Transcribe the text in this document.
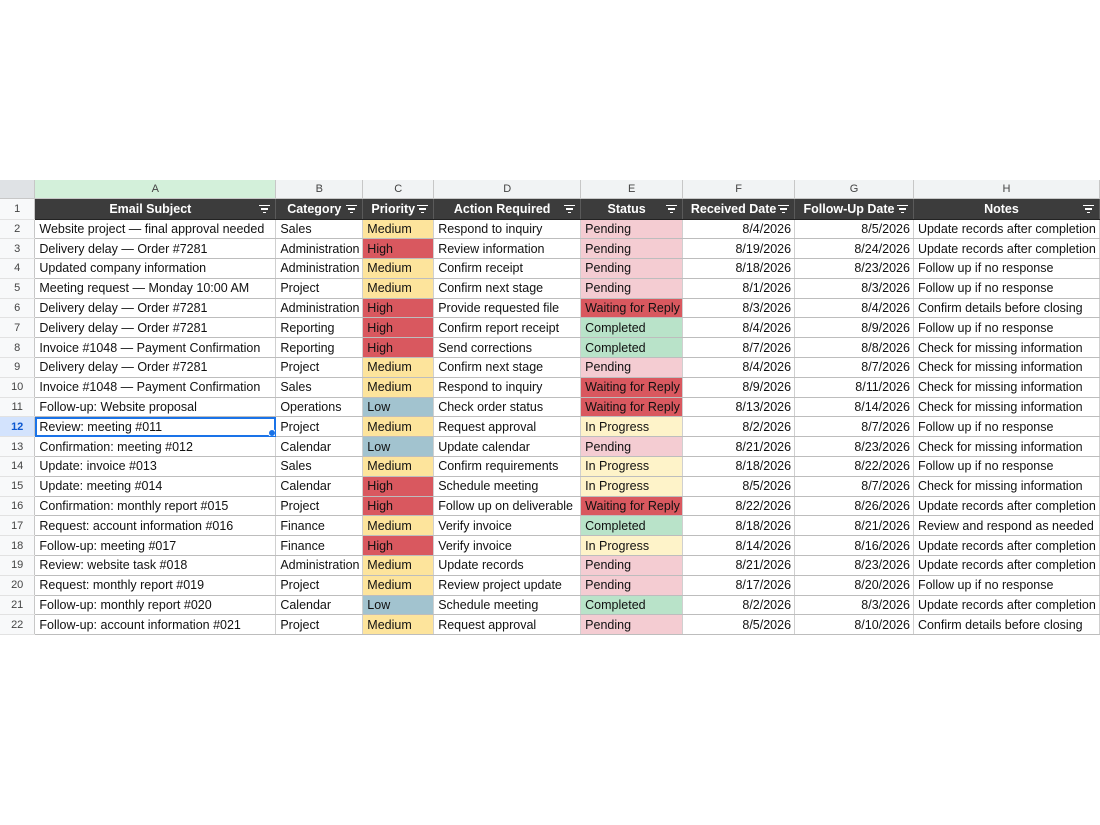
	A	B	C	D	E	F	G	H
1	Email Subject	Category	Priority	Action Required	Status	Received Date	Follow-Up Date	Notes

2	Website project — final approval needed	Sales	Medium	Respond to inquiry	Pending	8/4/2026	8/5/2026	Update records after completion
3	Delivery delay — Order #7281	Administration	High	Review information	Pending	8/19/2026	8/24/2026	Update records after completion
4	Updated company information	Administration	Medium	Confirm receipt	Pending	8/18/2026	8/23/2026	Follow up if no response
5	Meeting request — Monday 10:00 AM	Project	Medium	Confirm next stage	Pending	8/1/2026	8/3/2026	Follow up if no response
6	Delivery delay — Order #7281	Administration	High	Provide requested file	Waiting for Reply	8/3/2026	8/4/2026	Confirm details before closing
7	Delivery delay — Order #7281	Reporting	High	Confirm report receipt	Completed	8/4/2026	8/9/2026	Follow up if no response
8	Invoice #1048 — Payment Confirmation	Reporting	High	Send corrections	Completed	8/7/2026	8/8/2026	Check for missing information
9	Delivery delay — Order #7281	Project	Medium	Confirm next stage	Pending	8/4/2026	8/7/2026	Check for missing information
10	Invoice #1048 — Payment Confirmation	Sales	Medium	Respond to inquiry	Waiting for Reply	8/9/2026	8/11/2026	Check for missing information
11	Follow-up: Website proposal	Operations	Low	Check order status	Waiting for Reply	8/13/2026	8/14/2026	Check for missing information
12	Review: meeting #011	Project	Medium	Request approval	In Progress	8/2/2026	8/7/2026	Follow up if no response
13	Confirmation: meeting #012	Calendar	Low	Update calendar	Pending	8/21/2026	8/23/2026	Check for missing information
14	Update: invoice #013	Sales	Medium	Confirm requirements	In Progress	8/18/2026	8/22/2026	Follow up if no response
15	Update: meeting #014	Calendar	High	Schedule meeting	In Progress	8/5/2026	8/7/2026	Check for missing information
16	Confirmation: monthly report #015	Project	High	Follow up on deliverable	Waiting for Reply	8/22/2026	8/26/2026	Update records after completion
17	Request: account information #016	Finance	Medium	Verify invoice	Completed	8/18/2026	8/21/2026	Review and respond as needed
18	Follow-up: meeting #017	Finance	High	Verify invoice	In Progress	8/14/2026	8/16/2026	Update records after completion
19	Review: website task #018	Administration	Medium	Update records	Pending	8/21/2026	8/23/2026	Update records after completion
20	Request: monthly report #019	Project	Medium	Review project update	Pending	8/17/2026	8/20/2026	Follow up if no response
21	Follow-up: monthly report #020	Calendar	Low	Schedule meeting	Completed	8/2/2026	8/3/2026	Update records after completion
22	Follow-up: account information #021	Project	Medium	Request approval	Pending	8/5/2026	8/10/2026	Confirm details before closing
